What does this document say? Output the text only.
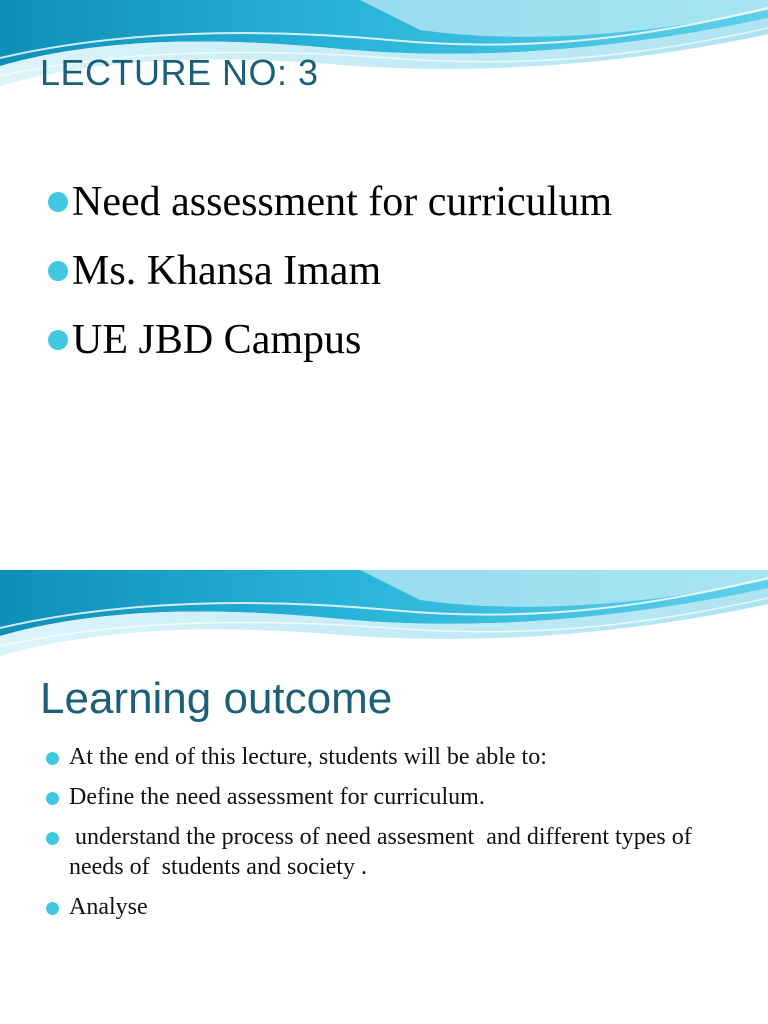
LECTURE NO: 3
Need assessment for curriculum
Ms. Khansa Imam
UE JBD Campus
Learning outcome
At the end of this lecture, students will be able to:
Define the need assessment for curriculum.
understand the process of need assesment  and different types of needs of  students and society .
Analyse
